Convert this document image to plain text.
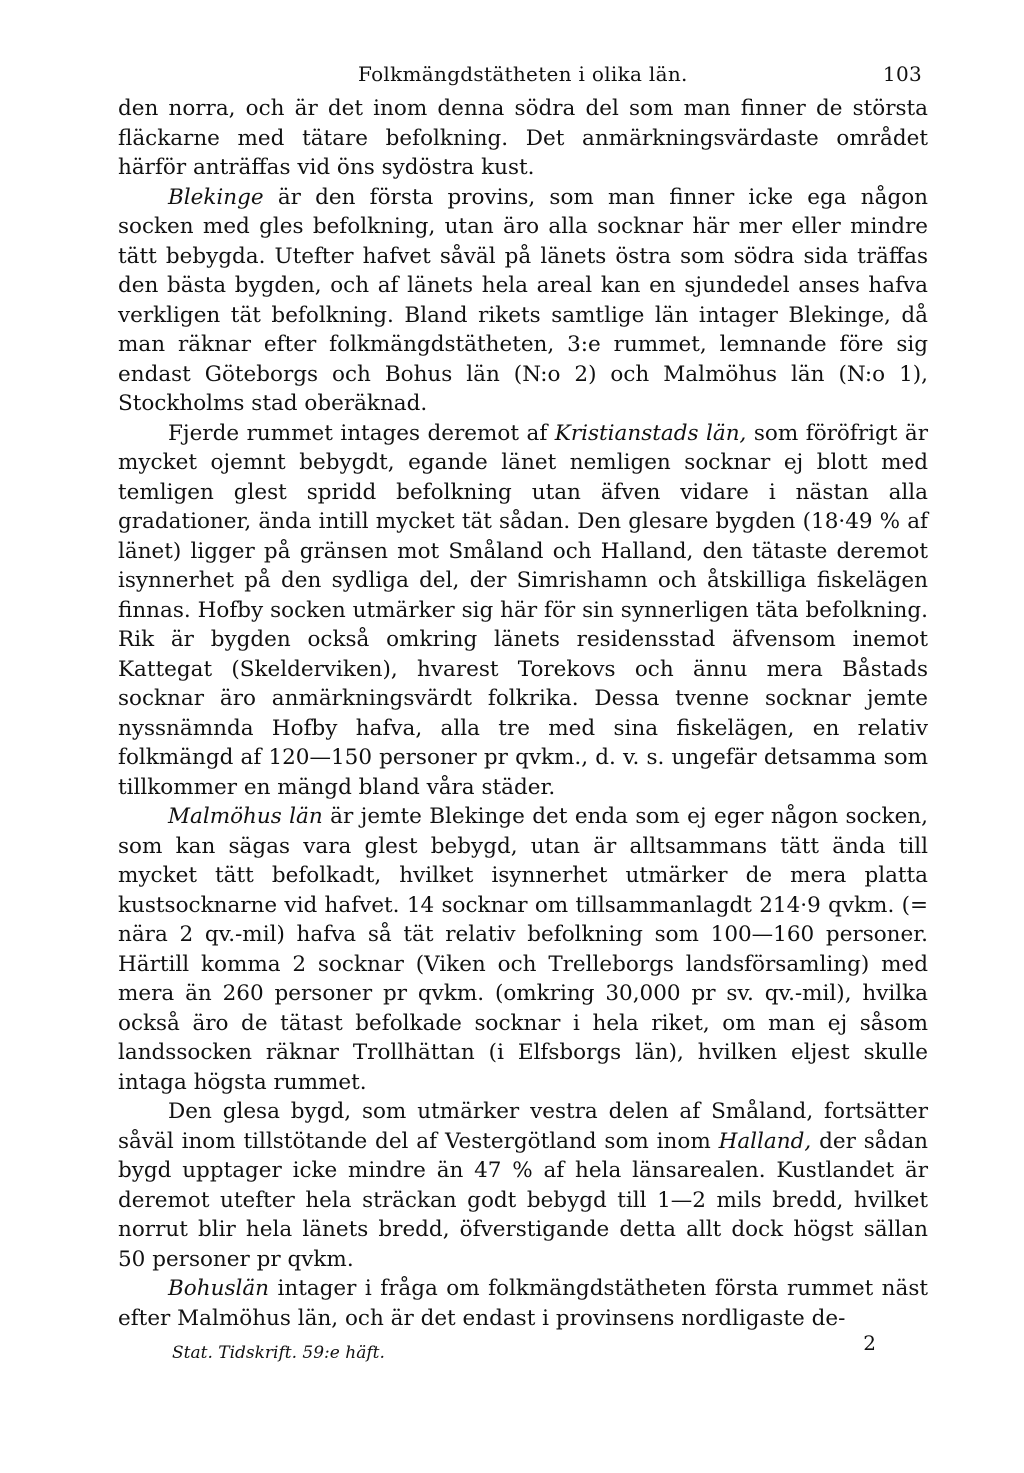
Folkmängdstätheten i olika län.	103

den norra, och är det inom denna södra del som man finner de största fläckarne med tätare befolkning. Det anmärkningsvärdaste området härför anträffas vid öns sydöstra kust.

Blekinge är den första provins, som man finner icke ega någon socken med gles befolkning, utan äro alla socknar här mer eller mindre tätt bebygda. Utefter hafvet såväl på länets östra som södra sida träffas den bästa bygden, och af länets hela areal kan en sjundedel anses hafva verkligen tät befolkning. Bland rikets samtlige län intager Blekinge, då man räknar efter folkmängdstätheten, 3:e rummet, lemnande före sig endast Göteborgs och Bohus län (N:o 2) och Malmöhus län (N:o 1), Stockholms stad oberäknad.

Fjerde rummet intages deremot af Kristianstads län, som föröfrigt är mycket ojemnt bebygdt, egande länet nemligen socknar ej blott med temligen glest spridd befolkning utan äfven vidare i nästan alla gradationer, ända intill mycket tät sådan. Den glesare bygden (18·49 % af länet) ligger på gränsen mot Småland och Halland, den tätaste deremot isynnerhet på den sydliga del, der Simrishamn och åtskilliga fiskelägen finnas. Hofby socken utmärker sig här för sin synnerligen täta befolkning. Rik är bygden också omkring länets residensstad äfvensom inemot Kattegat (Skelderviken), hvarest Torekovs och ännu mera Båstads socknar äro anmärkningsvärdt folkrika. Dessa tvenne socknar jemte nyssnämnda Hofby hafva, alla tre med sina fiskelägen, en relativ folkmängd af 120—150 personer pr qvkm., d. v. s. ungefär detsamma som tillkommer en mängd bland våra städer.

Malmöhus län är jemte Blekinge det enda som ej eger någon socken, som kan sägas vara glest bebygd, utan är alltsammans tätt ända till mycket tätt befolkadt, hvilket isynnerhet utmärker de mera platta kustsocknarne vid hafvet. 14 socknar om tillsammanlagdt 214·9 qvkm. (= nära 2 qv.-mil) hafva så tät relativ befolkning som 100—160 personer. Härtill komma 2 socknar (Viken och Trelleborgs landsförsamling) med mera än 260 personer pr qvkm. (omkring 30,000 pr sv. qv.-mil), hvilka också äro de tätast befolkade socknar i hela riket, om man ej såsom landssocken räknar Trollhättan (i Elfsborgs län), hvilken eljest skulle intaga högsta rummet.

Den glesa bygd, som utmärker vestra delen af Småland, fortsätter såväl inom tillstötande del af Vestergötland som inom Halland, der sådan bygd upptager icke mindre än 47 % af hela länsarealen. Kustlandet är deremot utefter hela sträckan godt bebygd till 1—2 mils bredd, hvilket norrut blir hela länets bredd, öfverstigande detta allt dock högst sällan 50 personer pr qvkm.

Bohuslän intager i fråga om folkmängdstätheten första rummet näst efter Malmöhus län, och är det endast i provinsens nordligaste de-

Stat. Tidskrift. 59:e häft.	2
